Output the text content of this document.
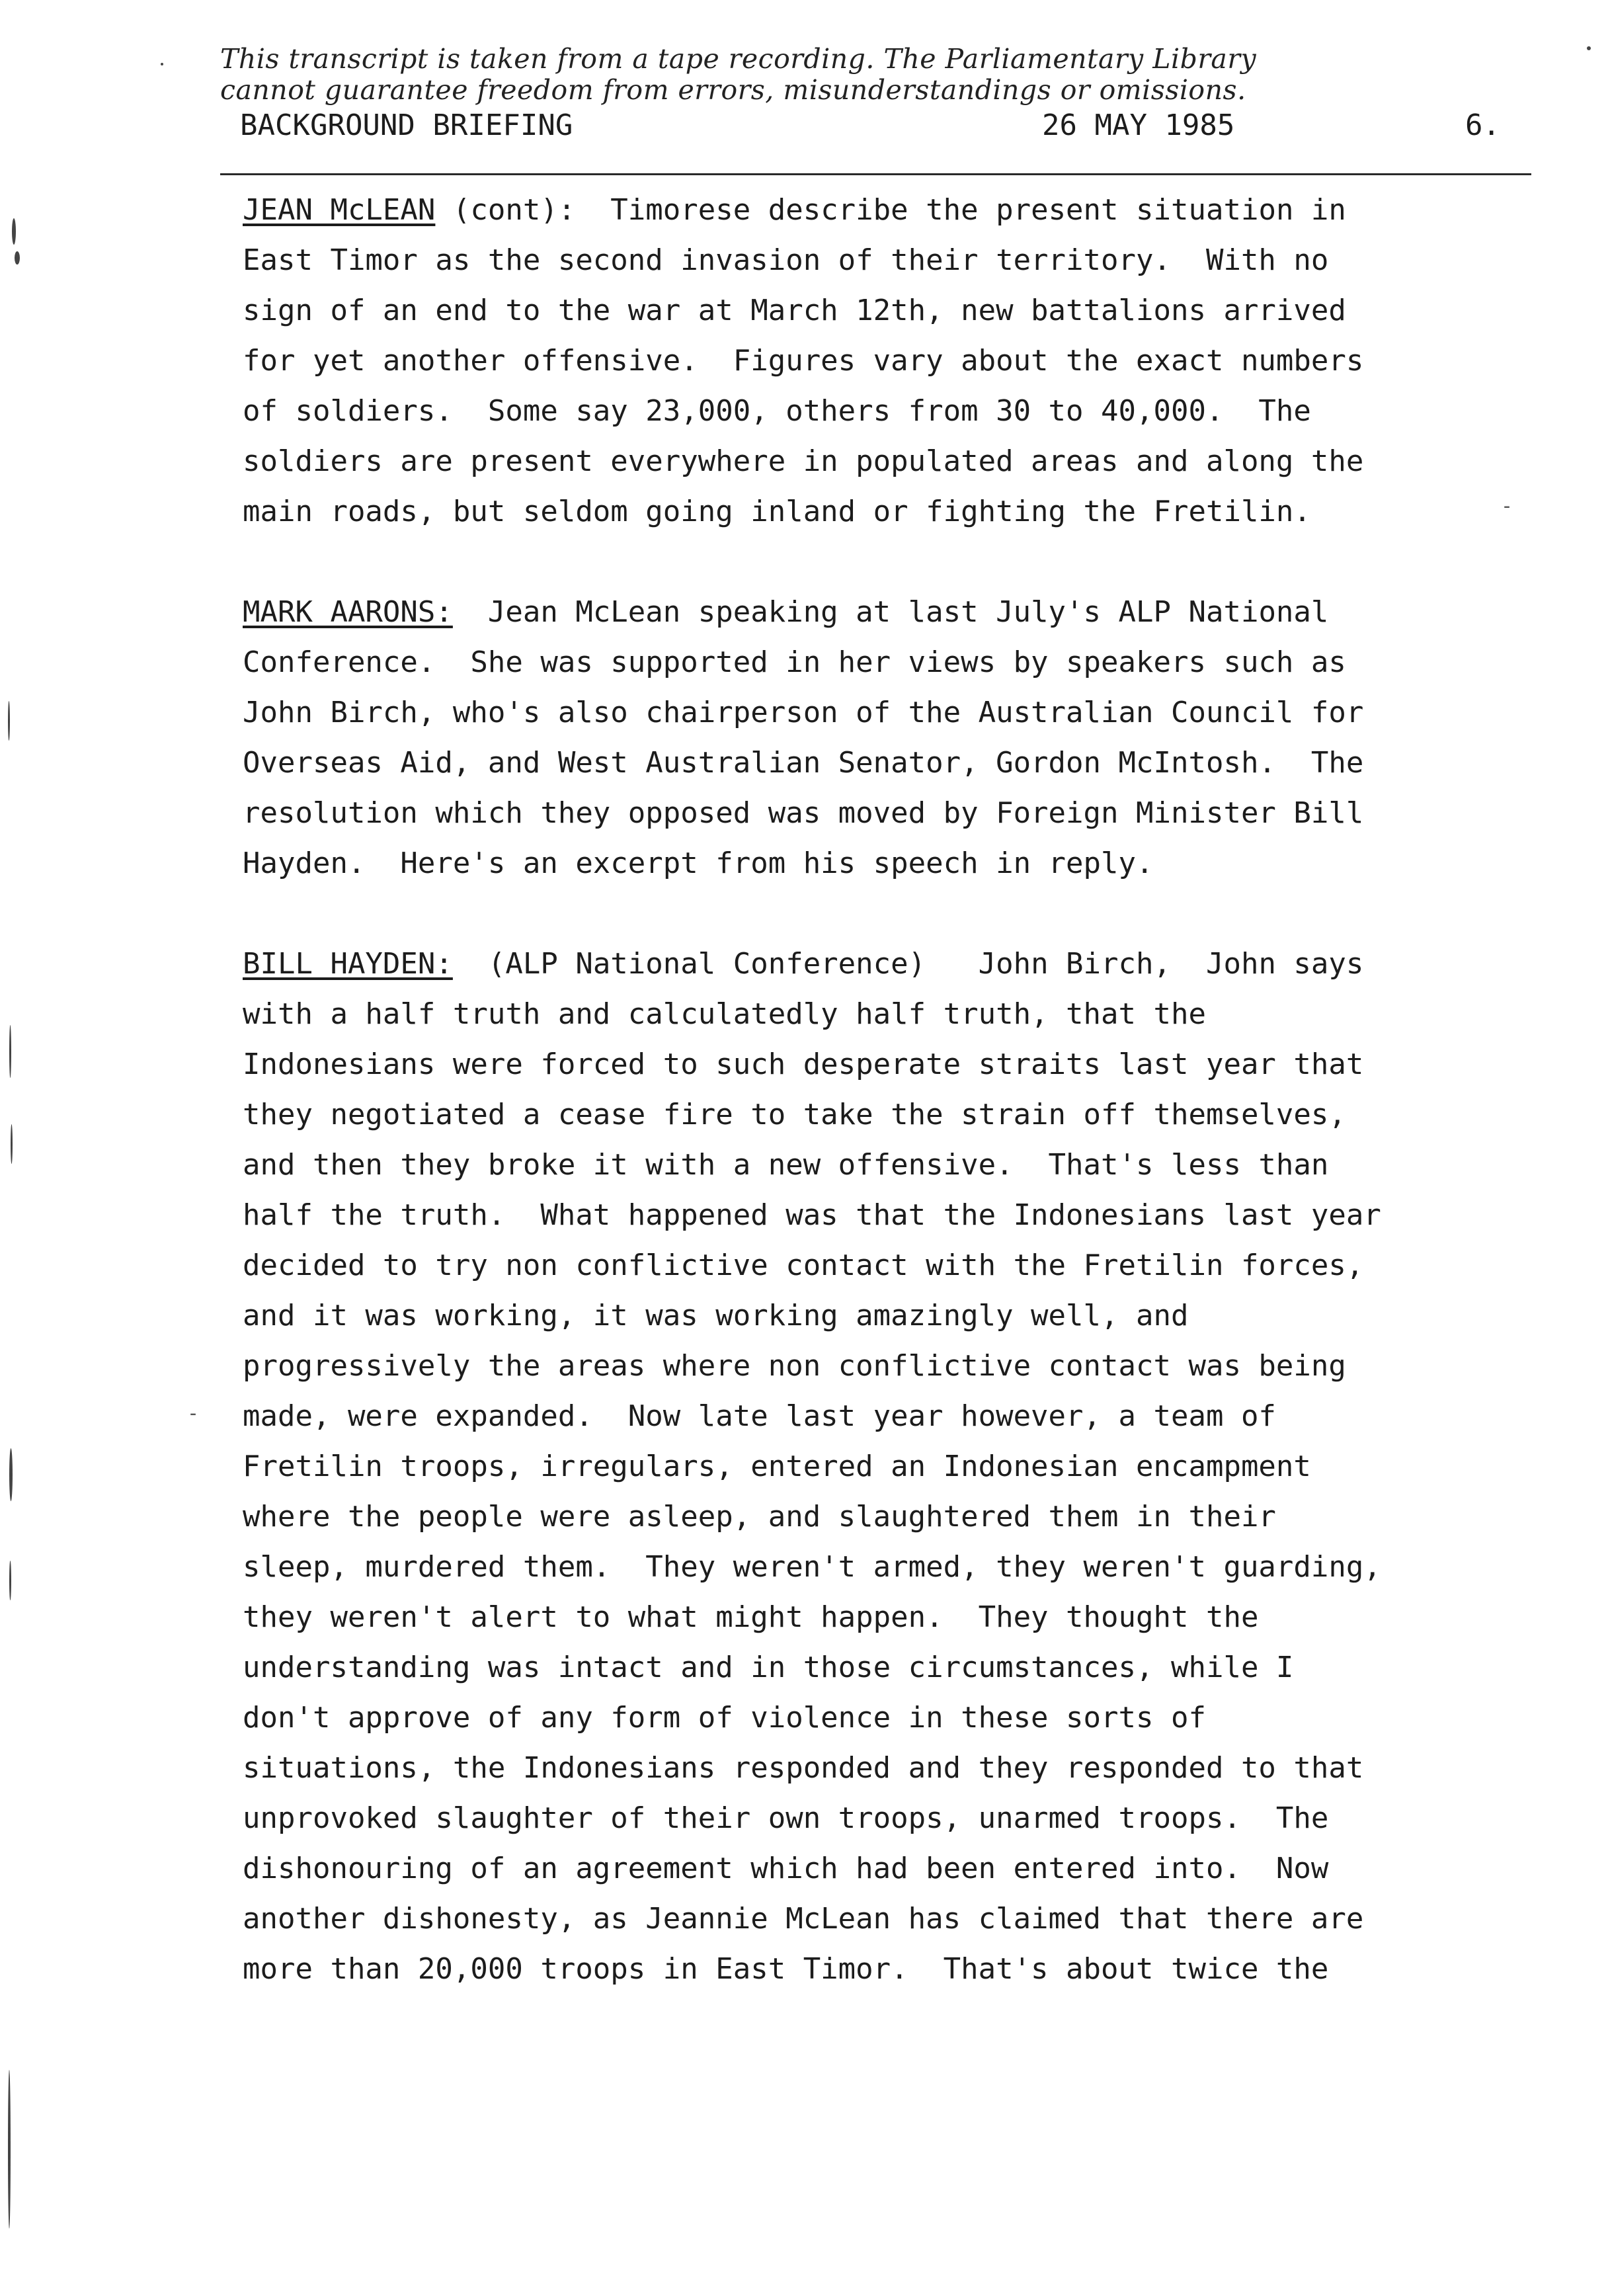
This transcript is taken from a tape recording. The Parliamentary Library
cannot guarantee freedom from errors, misunderstandings or omissions.
BACKGROUND BRIEFING	26 MAY 1985	6.
JEAN McLEAN (cont):  Timorese describe the present situation in
East Timor as the second invasion of their territory.  With no
sign of an end to the war at March 12th, new battalions arrived
for yet another offensive.  Figures vary about the exact numbers
of soldiers.  Some say 23,000, others from 30 to 40,000.  The
soldiers are present everywhere in populated areas and along the
main roads, but seldom going inland or fighting the Fretilin.
MARK AARONS:  Jean McLean speaking at last July's ALP National
Conference.  She was supported in her views by speakers such as
John Birch, who's also chairperson of the Australian Council for
Overseas Aid, and West Australian Senator, Gordon McIntosh.  The
resolution which they opposed was moved by Foreign Minister Bill
Hayden.  Here's an excerpt from his speech in reply.
BILL HAYDEN:  (ALP National Conference)   John Birch,  John says
with a half truth and calculatedly half truth, that the
Indonesians were forced to such desperate straits last year that
they negotiated a cease fire to take the strain off themselves,
and then they broke it with a new offensive.  That's less than
half the truth.  What happened was that the Indonesians last year
decided to try non conflictive contact with the Fretilin forces,
and it was working, it was working amazingly well, and
progressively the areas where non conflictive contact was being
made, were expanded.  Now late last year however, a team of
Fretilin troops, irregulars, entered an Indonesian encampment
where the people were asleep, and slaughtered them in their
sleep, murdered them.  They weren't armed, they weren't guarding,
they weren't alert to what might happen.  They thought the
understanding was intact and in those circumstances, while I
don't approve of any form of violence in these sorts of
situations, the Indonesians responded and they responded to that
unprovoked slaughter of their own troops, unarmed troops.  The
dishonouring of an agreement which had been entered into.  Now
another dishonesty, as Jeannie McLean has claimed that there are
more than 20,000 troops in East Timor.  That's about twice the
-
-
